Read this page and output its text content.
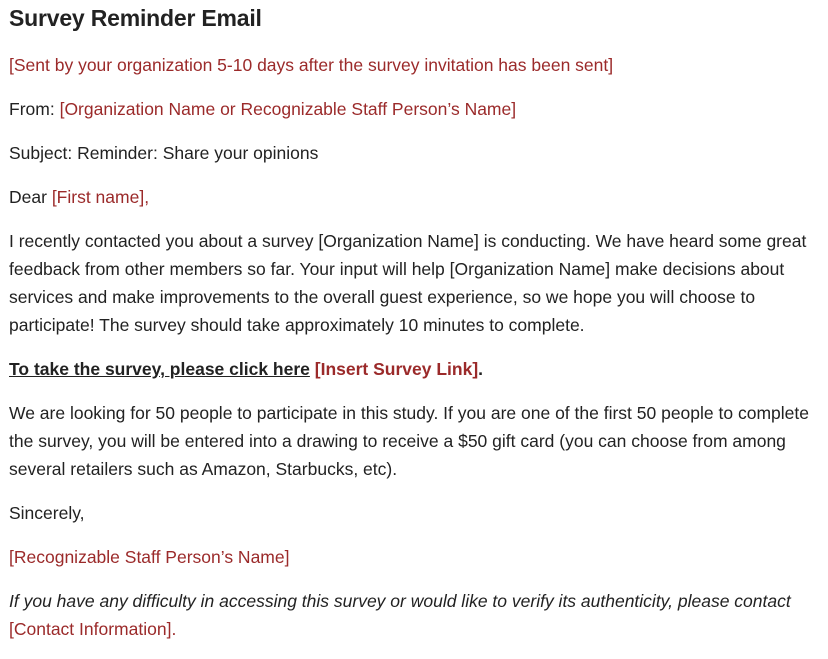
Survey Reminder Email

[Sent by your organization 5-10 days after the survey invitation has been sent]

From: [Organization Name or Recognizable Staff Person’s Name]

Subject: Reminder: Share your opinions

Dear [First name],

I recently contacted you about a survey [Organization Name] is conducting. We have heard some great feedback from other members so far. Your input will help [Organization Name] make decisions about services and make improvements to the overall guest experience, so we hope you will choose to participate! The survey should take approximately 10 minutes to complete.

To take the survey, please click here [Insert Survey Link].

We are looking for 50 people to participate in this study. If you are one of the first 50 people to complete the survey, you will be entered into a drawing to receive a $50 gift card (you can choose from among several retailers such as Amazon, Starbucks, etc).

Sincerely,

[Recognizable Staff Person’s Name]

If you have any difficulty in accessing this survey or would like to verify its authenticity, please contact [Contact Information].
